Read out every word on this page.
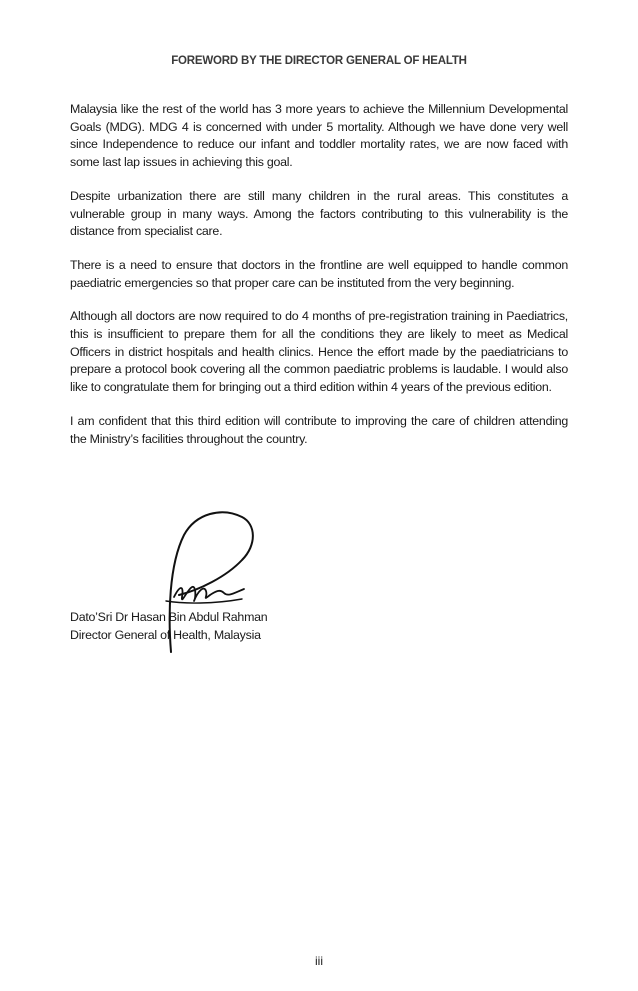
FOREWORD BY THE DIRECTOR GENERAL OF HEALTH

Malaysia like the rest of the world has 3 more years to achieve the Millennium Developmental Goals (MDG). MDG 4 is concerned with under 5 mortality. Although we have done very well since Independence to reduce our infant and toddler mortality rates, we are now faced with some last lap issues in achieving this goal.

Despite urbanization there are still many children in the rural areas. This constitutes a vulnerable group in many ways. Among the factors contributing to this vulnerability is the distance from specialist care.

There is a need to ensure that doctors in the frontline are well equipped to handle common paediatric emergencies so that proper care can be instituted from the very beginning.

Although all doctors are now required to do 4 months of pre-registration training in Paediatrics, this is insufficient to prepare them for all the conditions they are likely to meet as Medical Officers in district hospitals and health clinics. Hence the effort made by the paediatricians to prepare a protocol book covering all the common paediatric problems is laudable. I would also like to congratulate them for bringing out a third edition within 4 years of the previous edition.

I am confident that this third edition will contribute to improving the care of children attending the Ministry’s facilities throughout the country.

Dato’Sri Dr Hasan Bin Abdul Rahman
Director General of Health, Malaysia
iii
